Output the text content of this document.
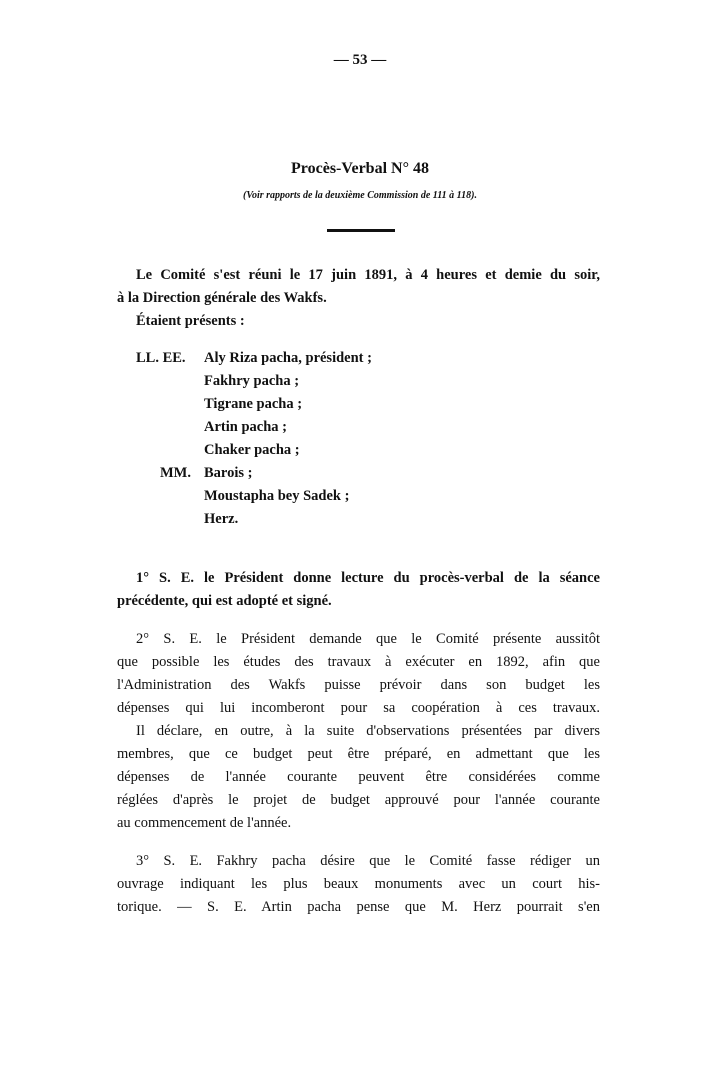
— 53 —
Procès-Verbal N° 48
(Voir rapports de la deuxième Commission de 111 à 118).
Le Comité s'est réuni le 17 juin 1891, à 4 heures et demie du soir,
à la Direction générale des Wakfs.
Étaient présents :
LL. EE. Aly Riza pacha, président ;
Fakhry pacha ;
Tigrane pacha ;
Artin pacha ;
Chaker pacha ;
MM. Barois ;
Moustapha bey Sadek ;
Herz.
1° S. E. le Président donne lecture du procès-verbal de la séance
précédente, qui est adopté et signé.
2° S. E. le Président demande que le Comité présente aussitôt
que possible les études des travaux à exécuter en 1892, afin que
l'Administration des Wakfs puisse prévoir dans son budget les
dépenses qui lui incomberont pour sa coopération à ces travaux.
Il déclare, en outre, à la suite d'observations présentées par divers
membres, que ce budget peut être préparé, en admettant que les
dépenses de l'année courante peuvent être considérées comme
réglées d'après le projet de budget approuvé pour l'année courante
au commencement de l'année.
3° S. E. Fakhry pacha désire que le Comité fasse rédiger un
ouvrage indiquant les plus beaux monuments avec un court his-
torique. — S. E. Artin pacha pense que M. Herz pourrait s'en
